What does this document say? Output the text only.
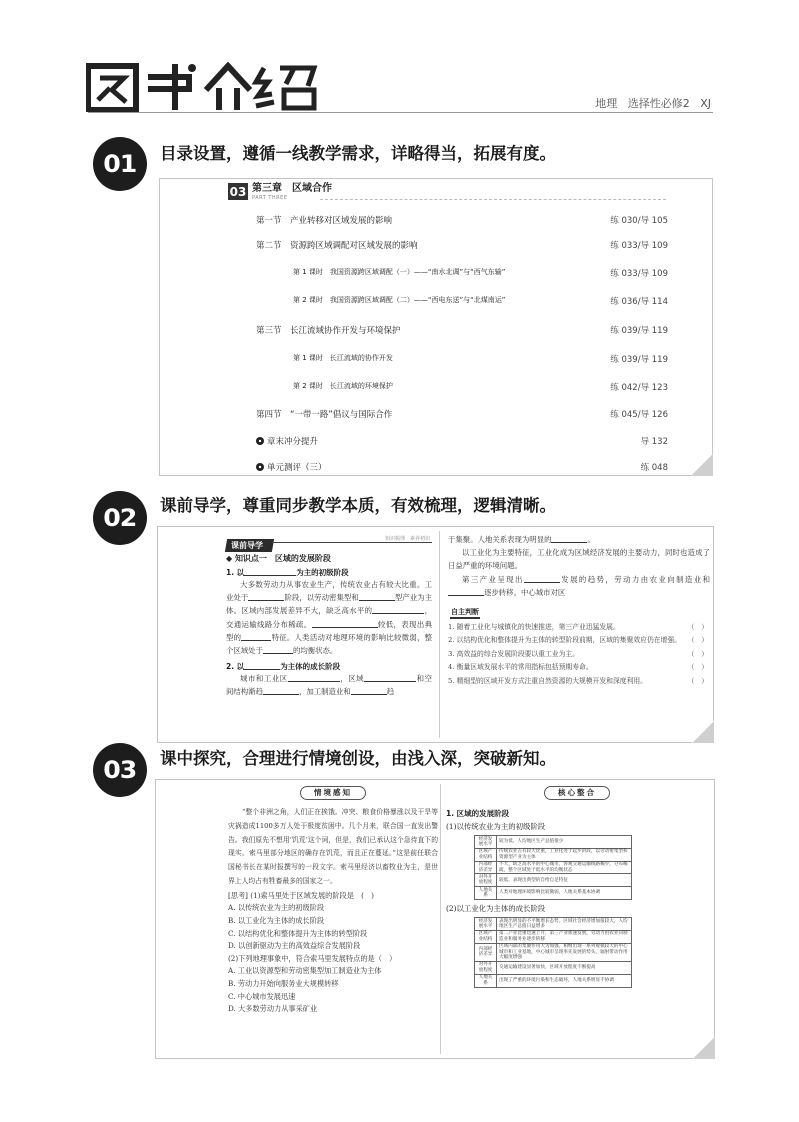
地理   选择性必修2   XJ
01 目录设置，遵循一线教学需求，详略得当，拓展有度。
03 第三章　区域合作
PART THREE
第一节　产业转移对区域发展的影响	练 030/导 105
第二节　资源跨区域调配对区域发展的影响	练 033/导 109
第 1 课时　我国资源跨区域调配（一）——“南水北调”与“西气东输”	练 033/导 109
第 2 课时　我国资源跨区域调配（二）——“西电东送”与“北煤南运”	练 036/导 114
第三节　长江流域协作开发与环境保护	练 039/导 119
第 1 课时　长江流域的协作开发	练 039/导 119
第 2 课时　长江流域的环境保护	练 042/导 123
第四节　“一带一路”倡议与国际合作	练 045/导 126
章末冲分提升	导 132
单元测评（三）	练 048
02 课前导学，尊重同步教学本质，有效梳理，逻辑清晰。
课前导学
知识梳理　素养初识
◆ 知识点一　区域的发展阶段
1. 以	为主的初级阶段
大多数劳动力从事农业生产，传统农业占有较大比重。工业处于	阶段，以劳动密集型和	型产业为主体。区域内部发展差异不大，缺乏高水平的	，交通运输线路分布稀疏。	较低，表现出典型的	特征。人类活动对地理环境的影响比较微弱，整个区域处于	的均衡状态。
2. 以	为主体的成长阶段
城市和工业区	，区域	和空间结构渐趋	，加工制造业和	趋
于集聚。人地关系表现为明显的	。
以工业化为主要特征，工业化成为区域经济发展的主要动力，同时也造成了日益严重的环境问题。
第三产业呈现出	发展的趋势，劳动力由农业向制造业和逐步转移。中心城市对区
自主判断
1. 随着工业化与城镇化的快速推进，第三产业迅猛发展。	（　）
2. 以结构优化和整体提升为主体的转型阶段前期，区域的集聚效应仍在增强。 （　）
3. 高效益的综合发展阶段要以重工业为主。	（　）
4. 衡量区域发展水平的常用指标包括预期寿命。	（　）
5. 精细型的区域开发方式注重自然资源的大规模开发和深度利用。	（　）
03 课中探究，合理进行情境创设，由浅入深，突破新知。
情境感知
“整个非洲之角，人们正在挨饿。冲突、粮食价格暴涨以及干旱等灾祸造成1100多万人处于极度贫困中。几个月来，联合国一直发出警告。我们原先不想用‘饥荒’这个词，但是，我们已承认这个急待直下的现实。索马里部分地区的确存在饥荒，而且正在蔓延。”这是前任联合国秘书长在某时报撰写的一段文字。索马里经济以畜牧业为主，是世界上人均占有牲畜最多的国家之一。
[思考] (1)索马里处于区域发展的阶段是　(　)
A. 以传统农业为主的初级阶段
B. 以工业化为主体的成长阶段
C. 以结构优化和整体提升为主体的转型阶段
D. 以创新驱动为主的高效益综合发展阶段
(2)下列地理事象中，符合索马里发展特点的是（　）
A. 工业以资源型和劳动密集型加工制造业为主体
B. 劳动力开始向服务业大规模转移
C. 中心城市发展迅速
D. 大多数劳动力从事采矿业
核心整合
1. 区域的发展阶段
(1)以传统农业为主的初级阶段
经济发展水平	较为低，人均地区生产总值很少
区域产业结构	传统农业占有较大比重，工业化处于起步阶段，以劳动密集型和资源型产业为主体
内部经济差异	不大，缺乏高水平的中心城市，客观交通运输线路稀少，分布稀疏，整个区域处于低水平的均衡状态
对外开放程度	较低，表现出典型的自给自足特征
人地关系	人类对地理环境影响比较微弱，人地关系基本协调
(2)以工业化为主体的成长阶段
经济发展水平	表现出明显的不平衡增长态势，区域社会经济增加值较大，人均地区生产总值日益增多
区域产业结构	第二产业比重迅速上升，第三产业加速发展，劳动力由农业向制造业和服务业逐步转移
内部经济差异	区域内部的集聚作用大为加强，相继出现一系列规模较大的中心城市和工业基地，中心城市呈现率先发展的势头，辐射带动作用大幅度增强
对外开放程度	交通运输建设显著加快，区域开放程度不断提高
人地关系	出现了严重的环境污染和生态破坏，人地关系明显不协调
